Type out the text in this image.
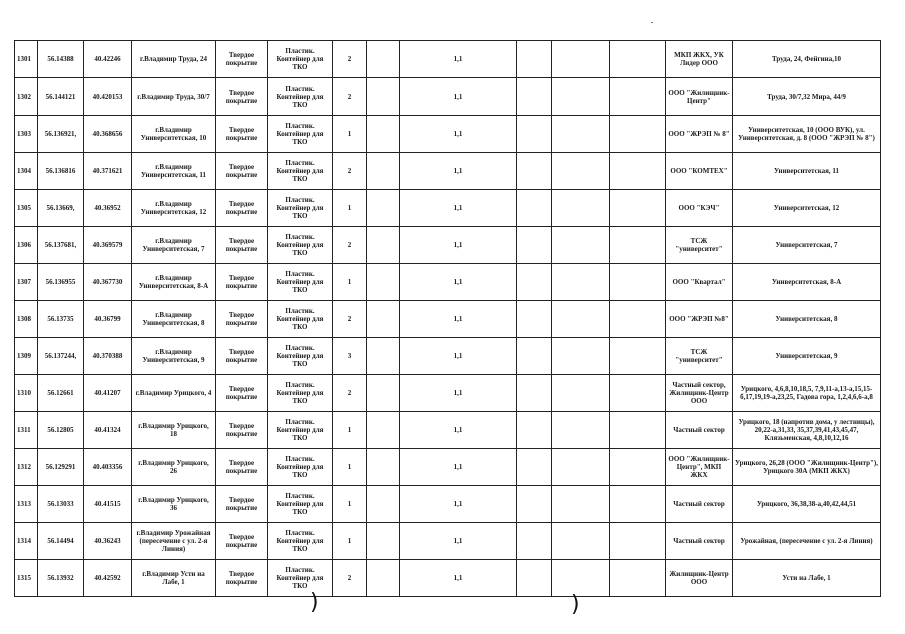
1301	56.14388	40.42246	г.Владимир Труда, 24	Твердое покрытие	Пластик. Контейнер для ТКО	2		1,1				МКП ЖКХ, УК Лидер ООО	Труда, 24, Фейгина,10
1302	56.144121	40.420153	г.Владимир Труда, 30/7	Твердое покрытие	Пластик. Контейнер для ТКО	2		1,1				ООО "Жилищник-Центр"	Труда, 30/7,32 Мира, 44/9
1303	56.136921,	40.368656	г.Владимир Университетская, 10	Твердое покрытие	Пластик. Контейнер для ТКО	1		1,1				ООО "ЖРЭП № 8"	Университетская, 10 (ООО ВУК), ул. Университетская, д. 8 (ООО "ЖРЭП № 8")
1304	56.136816	40.371621	г.Владимир Университетская, 11	Твердое покрытие	Пластик. Контейнер для ТКО	2		1,1				ООО "КОМТЕХ"	Университетская, 11
1305	56.13669,	40.36952	г.Владимир Университетская, 12	Твердое покрытие	Пластик. Контейнер для ТКО	1		1,1				ООО "КЭЧ"	Университетская, 12
1306	56.137681,	40.369579	г.Владимир Университетская, 7	Твердое покрытие	Пластик. Контейнер для ТКО	2		1,1				ТСЖ "университет"	Университетская, 7
1307	56.136955	40.367730	г.Владимир Университетская, 8-А	Твердое покрытие	Пластик. Контейнер для ТКО	1		1,1				ООО "Квартал"	Университетская, 8-А
1308	56.13735	40.36799	г.Владимир Университетская, 8	Твердое покрытие	Пластик. Контейнер для ТКО	2		1,1				ООО "ЖРЭП №8"	Университетская, 8
1309	56.137244,	40.370388	г.Владимир Университетская, 9	Твердое покрытие	Пластик. Контейнер для ТКО	3		1,1				ТСЖ "университет"	Университетская, 9
1310	56.12661	40.41207	г.Владимир Урицкого, 4	Твердое покрытие	Пластик. Контейнер для ТКО	2		1,1				Частный сектор, Жилищник-Центр ООО	Урицкого, 4,6,8,10,18,5, 7,9,11-а,13-а,15,15-б,17,19,19-а,23,25, Гадова гора, 1,2,4,6,6-а,8
1311	56.12805	40.41324	г.Владимир Урицкого, 18	Твердое покрытие	Пластик. Контейнер для ТКО	1		1,1				Частный сектор	Урицкого, 18 (напротив дома, у лестницы), 20,22-а,31,33, 35,37,39,41,43,45,47, Клязьменская, 4,8,10,12,16
1312	56.129291	40.403356	г.Владимир Урицкого, 26	Твердое покрытие	Пластик. Контейнер для ТКО	1		1,1				ООО "Жилищник-Центр", МКП ЖКХ	Урицкого, 26,28 (ООО "Жилищник-Центр"), Урицкого 30А (МКП ЖКХ)
1313	56.13033	40.41515	г.Владимир Урицкого, 36	Твердое покрытие	Пластик. Контейнер для ТКО	1		1,1				Частный сектор	Урицкого, 36,38,38-а,40,42,44,51
1314	56.14494	40.36243	г.Владимир Урожайная (пересечение с ул. 2-я Линия)	Твердое покрытие	Пластик. Контейнер для ТКО	1		1,1				Частный сектор	Урожайная, (пересечение с ул. 2-я Линия)
1315	56.13932	40.42592	г.Владимир Усти на Лабе, 1	Твердое покрытие	Пластик. Контейнер для ТКО	2		1,1				Жилищник-Центр ООО	Усти на Лабе, 1
)	)
